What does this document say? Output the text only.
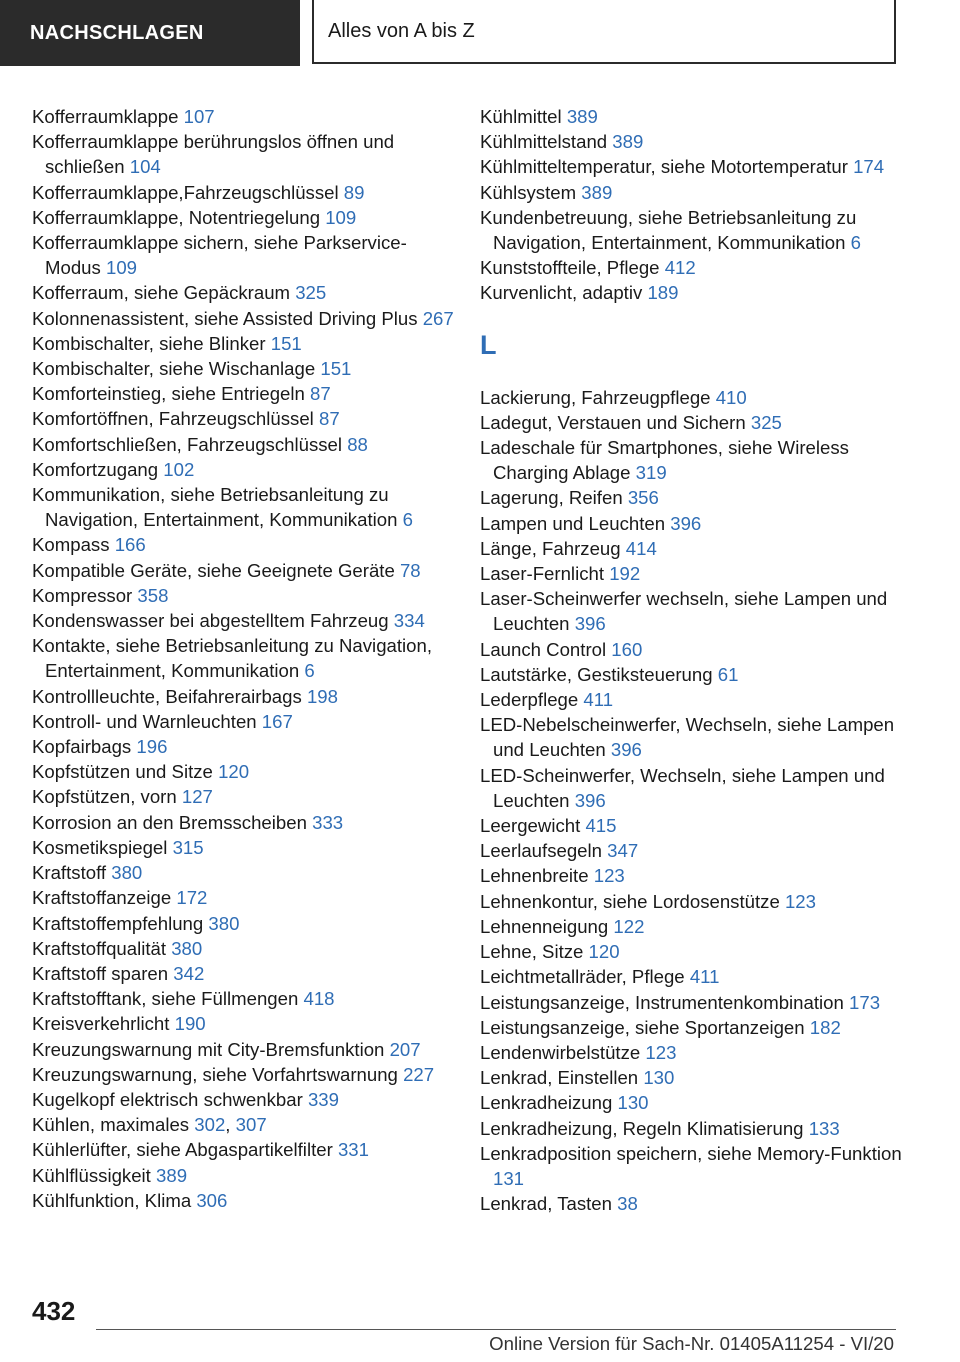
NACHSCHLAGEN	Alles von A bis Z
Kofferraumklappe 107
Kofferraumklappe berührungslos öffnen und schließen 104
Kofferraumklappe,Fahrzeugschlüssel 89
Kofferraumklappe, Notentriegelung 109
Kofferraumklappe sichern, siehe Parkservice-Modus 109
Kofferraum, siehe Gepäckraum 325
Kolonnenassistent, siehe Assisted Driving Plus 267
Kombischalter, siehe Blinker 151
Kombischalter, siehe Wischanlage 151
Komforteinstieg, siehe Entriegeln 87
Komfortöffnen, Fahrzeugschlüssel 87
Komfortschließen, Fahrzeugschlüssel 88
Komfortzugang 102
Kommunikation, siehe Betriebsanleitung zu Navigation, Entertainment, Kommunikation 6
Kompass 166
Kompatible Geräte, siehe Geeignete Geräte 78
Kompressor 358
Kondenswasser bei abgestelltem Fahrzeug 334
Kontakte, siehe Betriebsanleitung zu Navigation, Entertainment, Kommunikation 6
Kontrollleuchte, Beifahrerairbags 198
Kontroll- und Warnleuchten 167
Kopfairbags 196
Kopfstützen und Sitze 120
Kopfstützen, vorn 127
Korrosion an den Bremsscheiben 333
Kosmetikspiegel 315
Kraftstoff 380
Kraftstoffanzeige 172
Kraftstoffempfehlung 380
Kraftstoffqualität 380
Kraftstoff sparen 342
Kraftstofftank, siehe Füllmengen 418
Kreisverkehrlicht 190
Kreuzungswarnung mit City-Bremsfunktion 207
Kreuzungswarnung, siehe Vorfahrtswarnung 227
Kugelkopf elektrisch schwenkbar 339
Kühlen, maximales 302, 307
Kühlerlüfter, siehe Abgaspartikelfilter 331
Kühlflüssigkeit 389
Kühlfunktion, Klima 306
Kühlmittel 389
Kühlmittelstand 389
Kühlmitteltemperatur, siehe Motortemperatur 174
Kühlsystem 389
Kundenbetreuung, siehe Betriebsanleitung zu Navigation, Entertainment, Kommunikation 6
Kunststoffteile, Pflege 412
Kurvenlicht, adaptiv 189
L
Lackierung, Fahrzeugpflege 410
Ladegut, Verstauen und Sichern 325
Ladeschale für Smartphones, siehe Wireless Charging Ablage 319
Lagerung, Reifen 356
Lampen und Leuchten 396
Länge, Fahrzeug 414
Laser-Fernlicht 192
Laser-Scheinwerfer wechseln, siehe Lampen und Leuchten 396
Launch Control 160
Lautstärke, Gestiksteuerung 61
Lederpflege 411
LED-Nebelscheinwerfer, Wechseln, siehe Lampen und Leuchten 396
LED-Scheinwerfer, Wechseln, siehe Lampen und Leuchten 396
Leergewicht 415
Leerlaufsegeln 347
Lehnenbreite 123
Lehnenkontur, siehe Lordosenstütze 123
Lehnenneigung 122
Lehne, Sitze 120
Leichtmetallräder, Pflege 411
Leistungsanzeige, Instrumentenkombination 173
Leistungsanzeige, siehe Sportanzeigen 182
Lendenwirbelstütze 123
Lenkrad, Einstellen 130
Lenkradheizung 130
Lenkradheizung, Regeln Klimatisierung 133
Lenkradposition speichern, siehe Memory-Funktion 131
Lenkrad, Tasten 38
432
Online Version für Sach-Nr. 01405A11254 - VI/20
